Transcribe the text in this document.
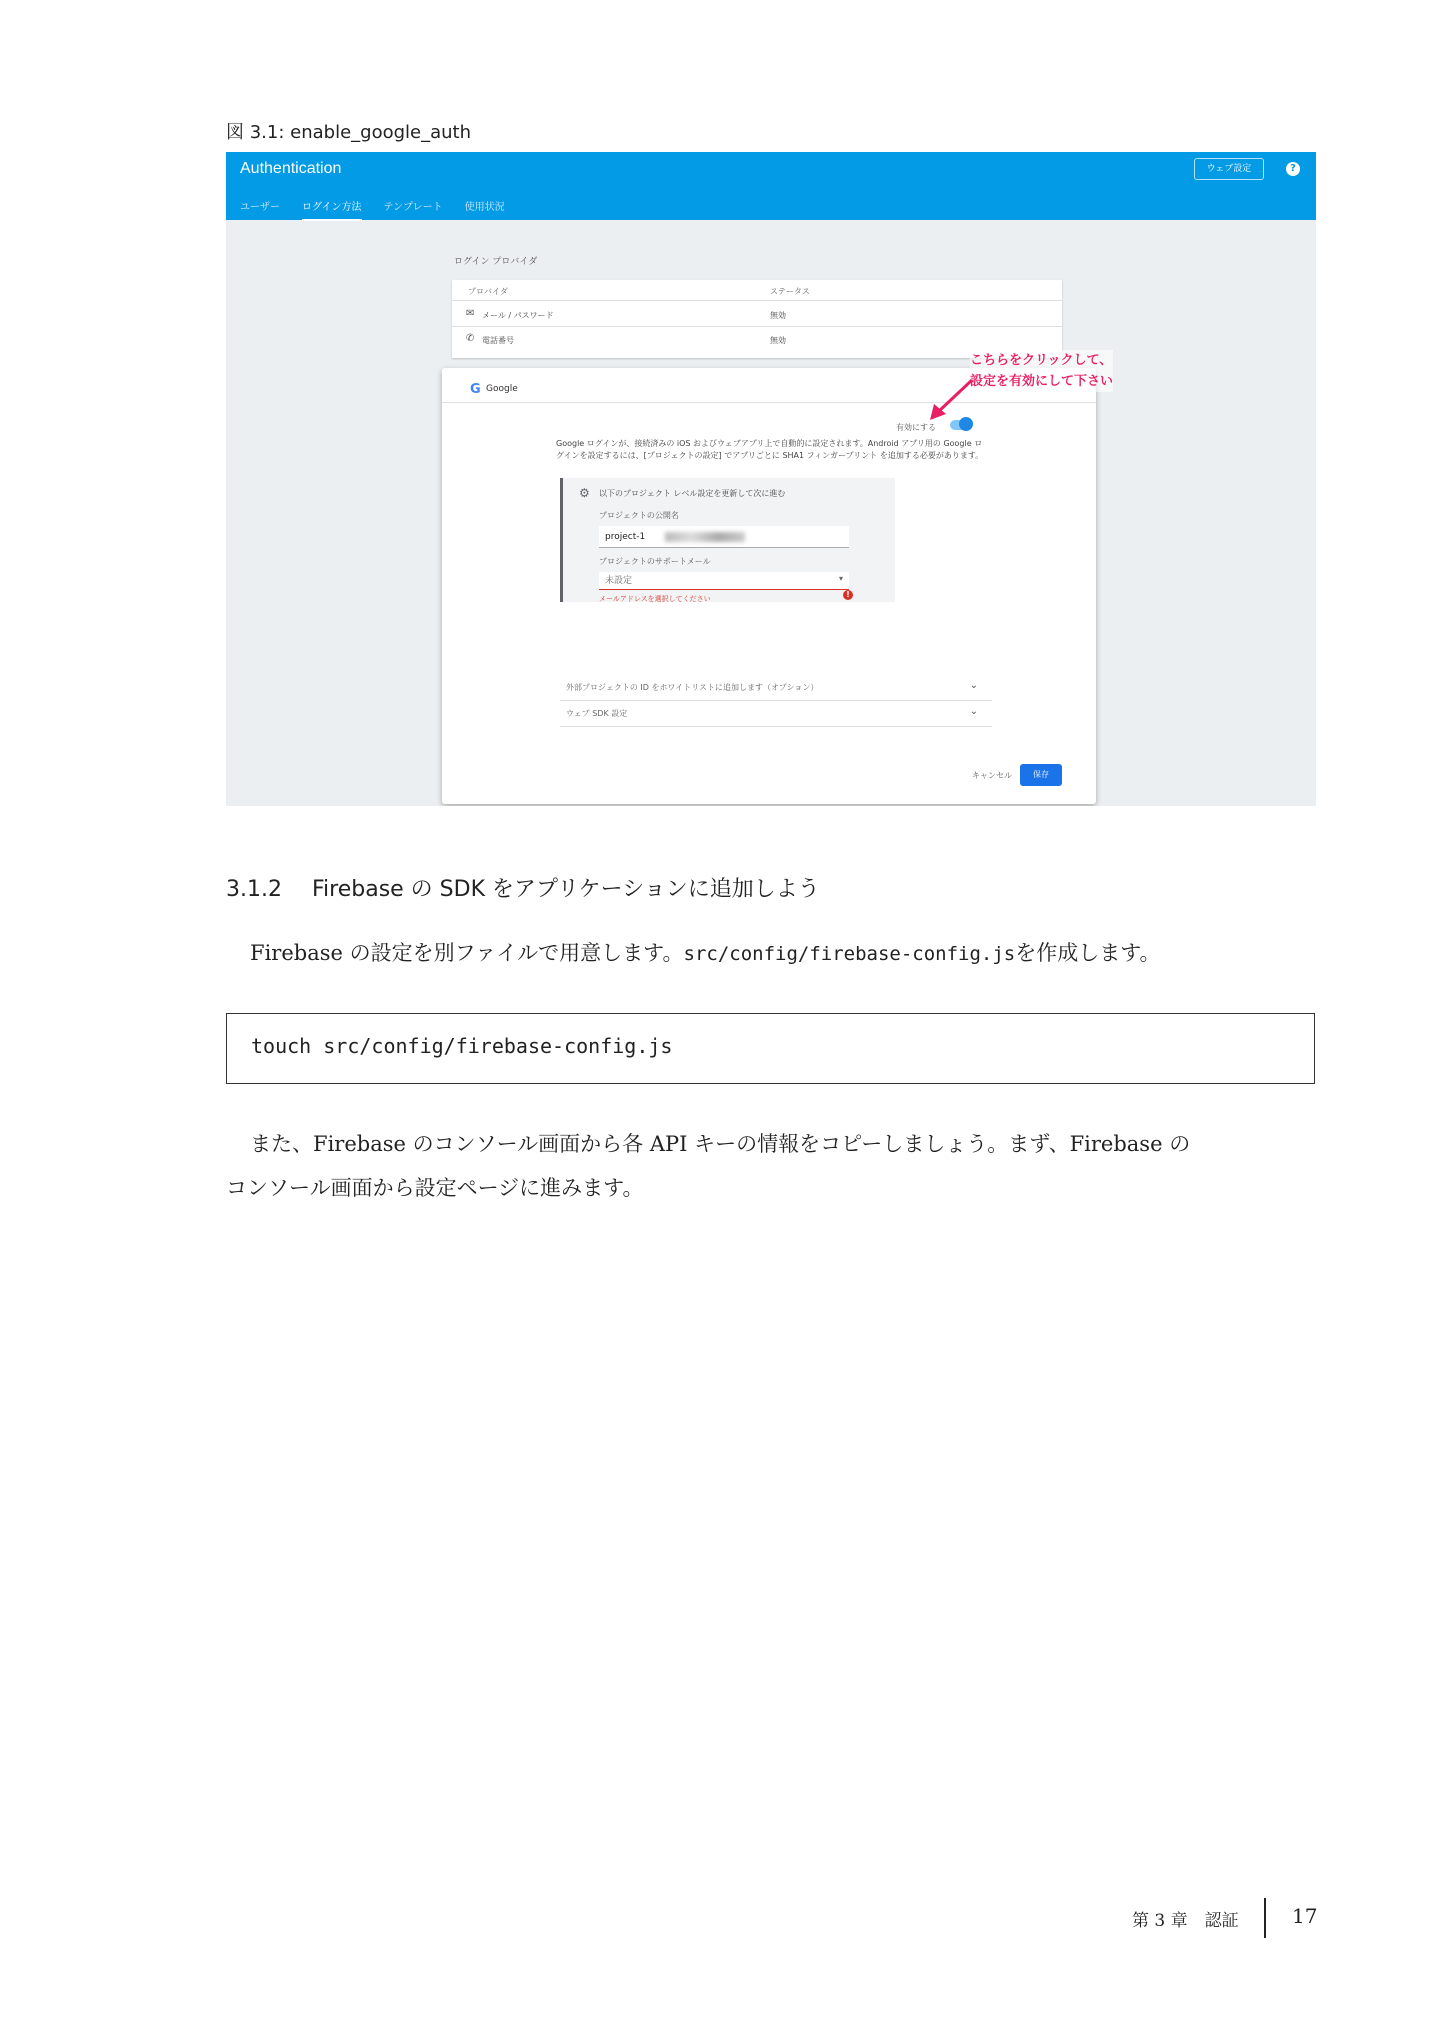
図 3.1: enable_google_auth
Authentication
ユーザー ログイン方法 テンプレート 使用状況
ウェブ設定	?
ログイン プロバイダ
プロバイダ	ステータス
✉ メール / パスワード	無効
✆ 電話番号	無効
G Google
有効にする
Google ログインが、接続済みの iOS およびウェブアプリ上で自動的に設定されます。Android アプリ用の Google ログインを設定するには、[プロジェクトの設定] でアプリごとに SHA1 フィンガープリント を追加する必要があります。
⚙ 以下のプロジェクト レベル設定を更新して次に進む
プロジェクトの公開名
project-1
プロジェクトのサポートメール
未設定	▾
メールアドレスを選択してください	!
外部プロジェクトの ID をホワイトリストに追加します（オプション）	⌄
ウェブ SDK 設定	⌄
キャンセル	保存
こちらをクリックして、
設定を有効にして下さい
3.1.2 Firebase の SDK をアプリケーションに追加しよう
Firebase の設定を別ファイルで用意します。src/config/firebase-config.jsを作成します。
touch src/config/firebase-config.js
また、Firebase のコンソール画面から各 API キーの情報をコピーしましょう。まず、Firebase の
コンソール画面から設定ページに進みます。
第 3 章　認証	17
